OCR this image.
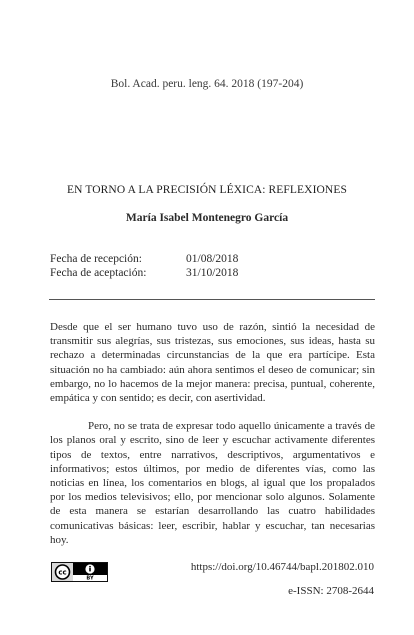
Bol. Acad. peru. leng. 64. 2018 (197-204)
EN TORNO A LA PRECISIÓN LÉXICA: REFLEXIONES
María Isabel Montenegro García
Fecha de recepción:	01/08/2018
Fecha de aceptación:	31/10/2018

Desde que el ser humano tuvo uso de razón, sintió la necesidad de transmitir sus alegrías, sus tristezas, sus emociones, sus ideas, hasta su rechazo a determinadas circunstancias de la que era partícipe. Esta situación no ha cambiado: aún ahora sentimos el deseo de comunicar; sin embargo, no lo hacemos de la mejor manera: precisa, puntual, coherente, empática y con sentido; es decir, con asertividad.

Pero, no se trata de expresar todo aquello únicamente a través de los planos oral y escrito, sino de leer y escuchar activamente diferentes tipos de textos, entre narrativos, descriptivos, argumentativos e informativos; estos últimos, por medio de diferentes vías, como las noticias en línea, los comentarios en blogs, al igual que los propalados por los medios televisivos; ello, por mencionar solo algunos. Solamente de esta manera se estarían desarrollando las cuatro habilidades comunicativas básicas: leer, escribir, hablar y escuchar, tan necesarias hoy.

cc
BY
https://doi.org/10.46744/bapl.201802.010
e-ISSN: 2708-2644
